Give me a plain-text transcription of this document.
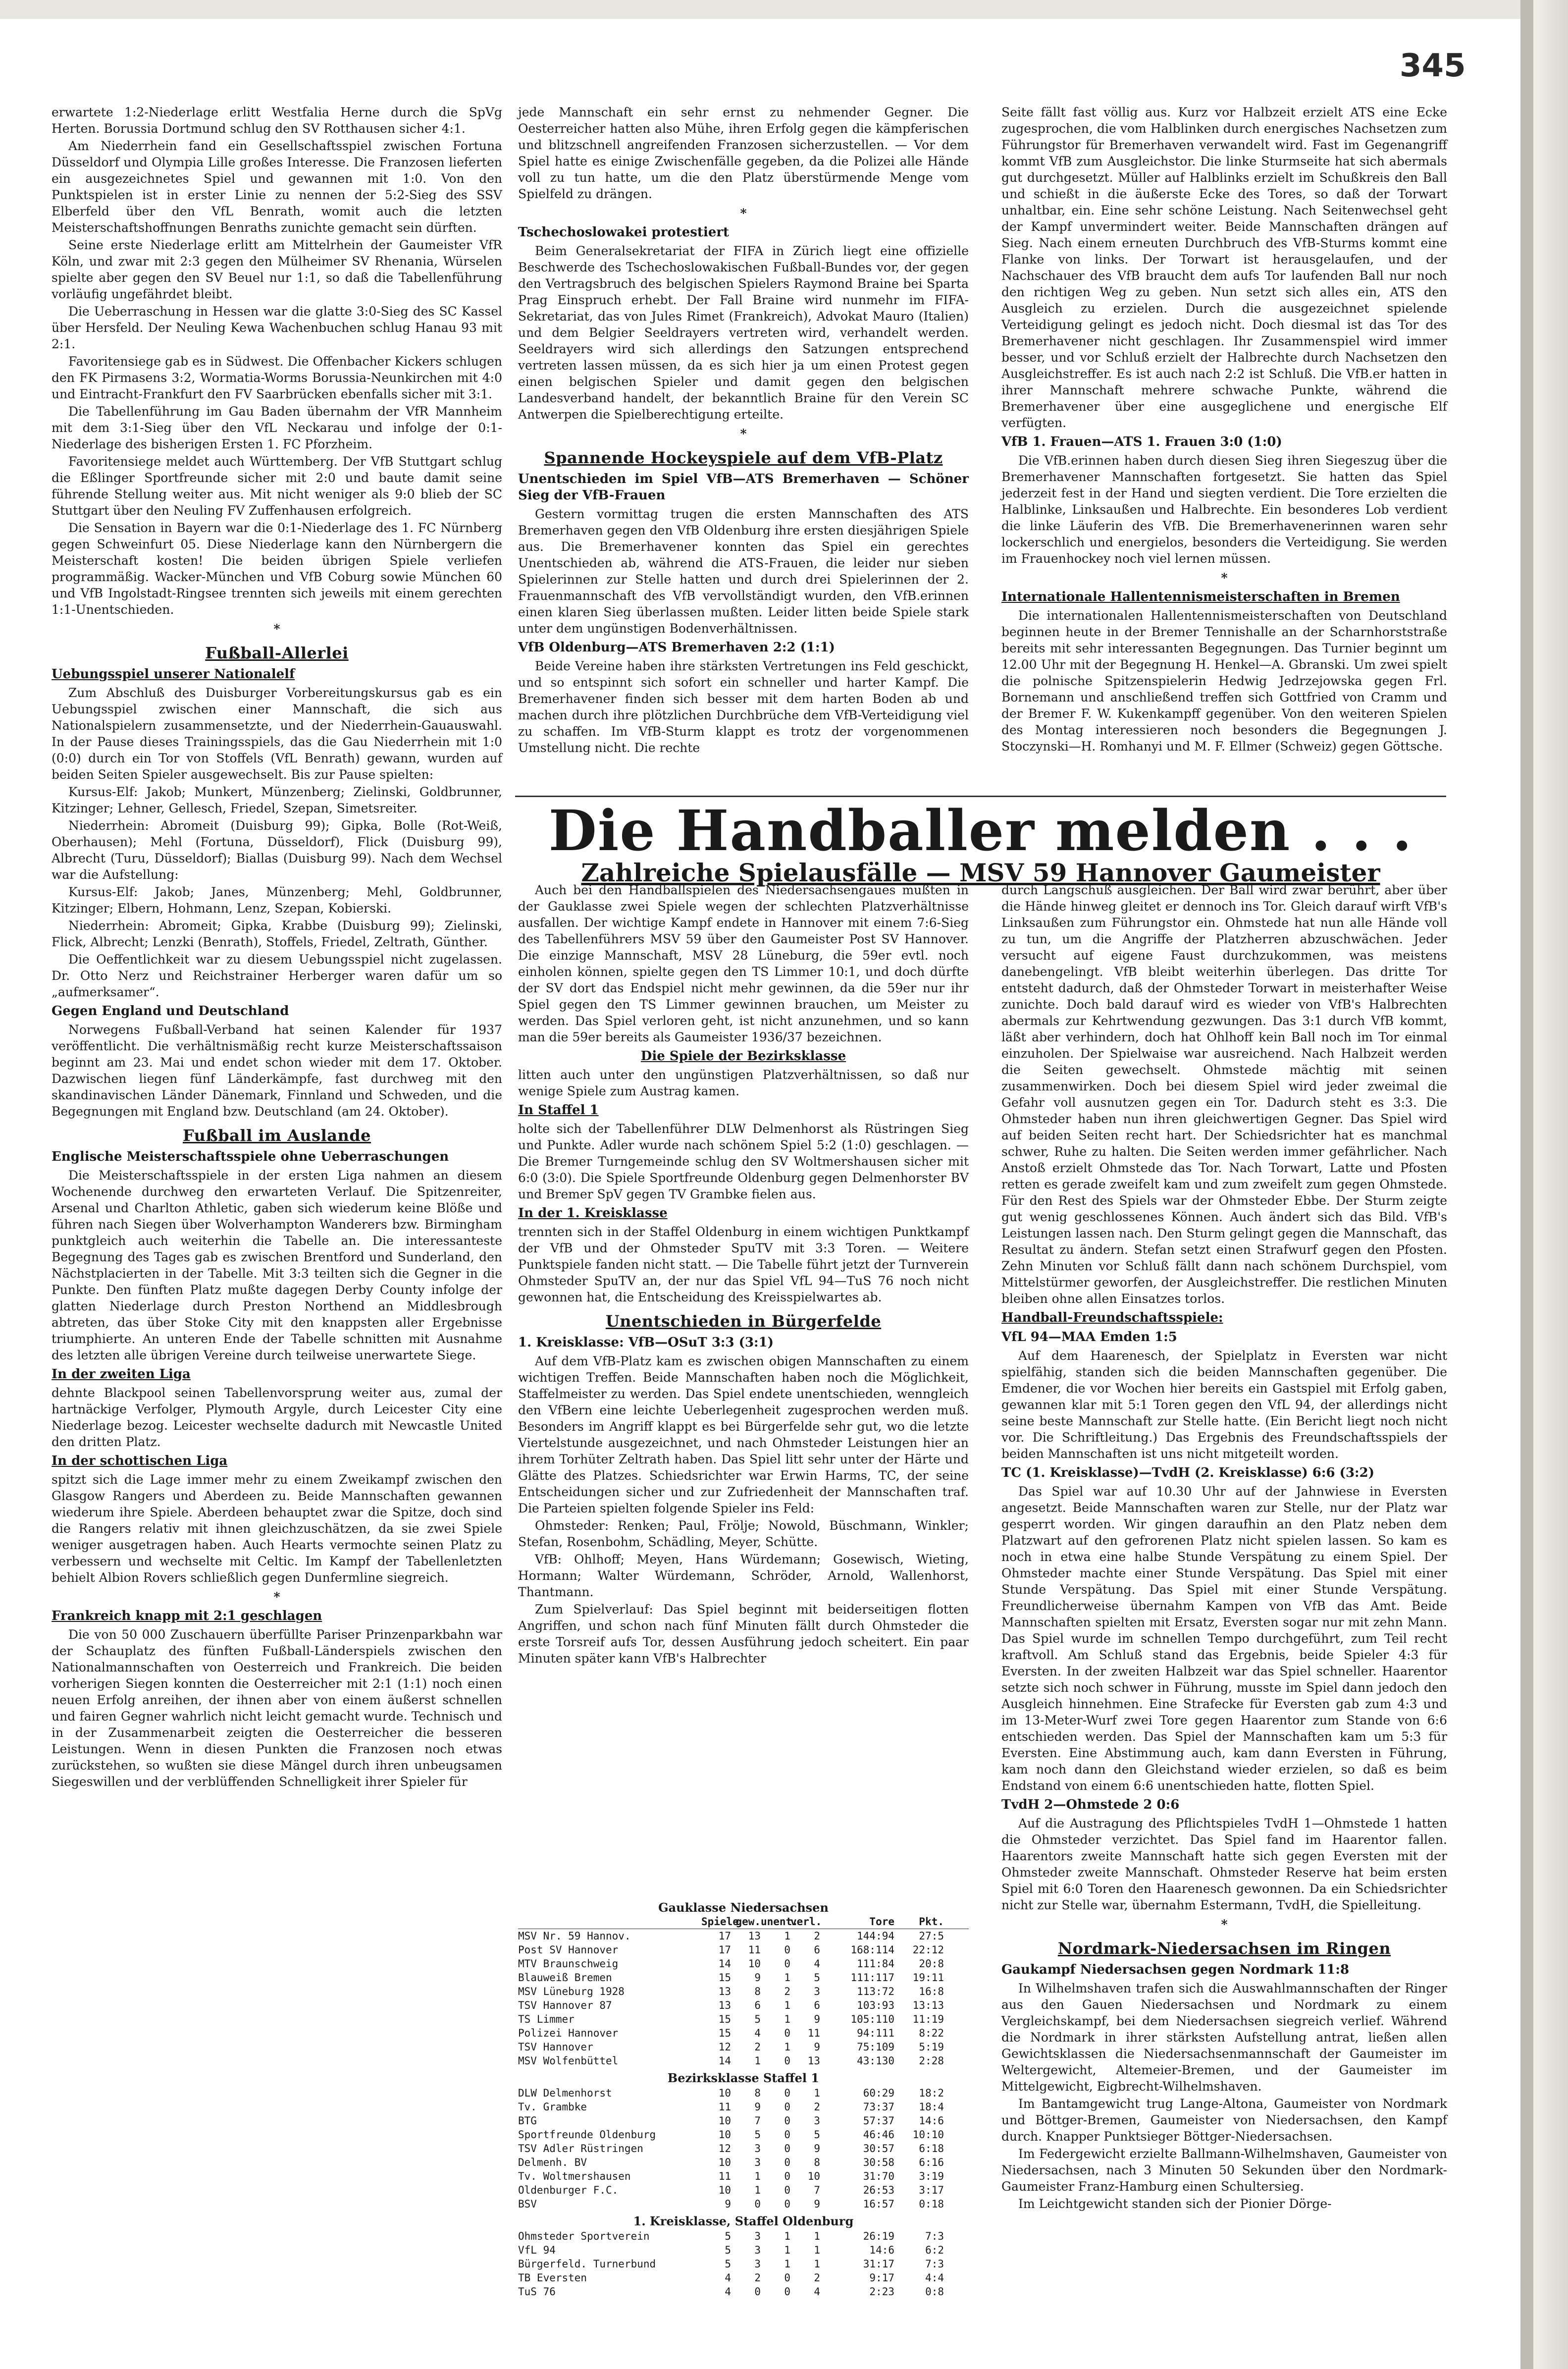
345

erwartete 1:2-Niederlage erlitt Westfalia Herne durch die SpVg Herten. Borussia Dortmund schlug den SV Rotthausen sicher 4:1.

Am Niederrhein fand ein Gesellschaftsspiel zwischen Fortuna Düsseldorf und Olympia Lille großes Interesse. Die Franzosen lieferten ein ausgezeichnetes Spiel und gewannen mit 1:0. Von den Punktspielen ist in erster Linie zu nennen der 5:2-Sieg des SSV Elberfeld über den VfL Benrath, womit auch die letzten Meisterschaftshoffnungen Benraths zunichte gemacht sein dürften.

Seine erste Niederlage erlitt am Mittelrhein der Gaumeister VfR Köln, und zwar mit 2:3 gegen den Mülheimer SV Rhenania, Würselen spielte aber gegen den SV Beuel nur 1:1, so daß die Tabellenführung vorläufig ungefährdet bleibt.

Die Ueberraschung in Hessen war die glatte 3:0-Sieg des SC Kassel über Hersfeld. Der Neuling Kewa Wachenbuchen schlug Hanau 93 mit 2:1.

Favoritensiege gab es in Südwest. Die Offenbacher Kickers schlugen den FK Pirmasens 3:2, Wormatia-Worms Borussia-Neunkirchen mit 4:0 und Eintracht-Frankfurt den FV Saarbrücken ebenfalls sicher mit 3:1.

Die Tabellenführung im Gau Baden übernahm der VfR Mannheim mit dem 3:1-Sieg über den VfL Neckarau und infolge der 0:1-Niederlage des bisherigen Ersten 1. FC Pforzheim.

Favoritensiege meldet auch Württemberg. Der VfB Stuttgart schlug die Eßlinger Sportfreunde sicher mit 2:0 und baute damit seine führende Stellung weiter aus. Mit nicht weniger als 9:0 blieb der SC Stuttgart über den Neuling FV Zuffenhausen erfolgreich.

Die Sensation in Bayern war die 0:1-Niederlage des 1. FC Nürnberg gegen Schweinfurt 05. Diese Niederlage kann den Nürnbergern die Meisterschaft kosten! Die beiden übrigen Spiele verliefen programmäßig. Wacker-München und VfB Coburg sowie München 60 und VfB Ingolstadt-Ringsee trennten sich jeweils mit einem gerechten 1:1-Unentschieden.

*
Fußball-Allerlei
Uebungsspiel unserer Nationalelf

Zum Abschluß des Duisburger Vorbereitungskursus gab es ein Uebungsspiel zwischen einer Mannschaft, die sich aus Nationalspielern zusammensetzte, und der Niederrhein-Gauauswahl. In der Pause dieses Trainingsspiels, das die Gau Niederrhein mit 1:0 (0:0) durch ein Tor von Stoffels (VfL Benrath) gewann, wurden auf beiden Seiten Spieler ausgewechselt. Bis zur Pause spielten:

Kursus-Elf: Jakob; Munkert, Münzenberg; Zielinski, Goldbrunner, Kitzinger; Lehner, Gellesch, Friedel, Szepan, Simetsreiter.

Niederrhein: Abromeit (Duisburg 99); Gipka, Bolle (Rot-Weiß, Oberhausen); Mehl (Fortuna, Düsseldorf), Flick (Duisburg 99), Albrecht (Turu, Düsseldorf); Biallas (Duisburg 99). Nach dem Wechsel war die Aufstellung:

Kursus-Elf: Jakob; Janes, Münzenberg; Mehl, Goldbrunner, Kitzinger; Elbern, Hohmann, Lenz, Szepan, Kobierski.

Niederrhein: Abromeit; Gipka, Krabbe (Duisburg 99); Zielinski, Flick, Albrecht; Lenzki (Benrath), Stoffels, Friedel, Zeltrath, Günther.

Die Oeffentlichkeit war zu diesem Uebungsspiel nicht zugelassen. Dr. Otto Nerz und Reichstrainer Herberger waren dafür um so „aufmerksamer“.

Gegen England und Deutschland

Norwegens Fußball-Verband hat seinen Kalender für 1937 veröffentlicht. Die verhältnismäßig recht kurze Meisterschaftssaison beginnt am 23. Mai und endet schon wieder mit dem 17. Oktober. Dazwischen liegen fünf Länderkämpfe, fast durchweg mit den skandinavischen Länder Dänemark, Finnland und Schweden, und die Begegnungen mit England bzw. Deutschland (am 24. Oktober).

Fußball im Auslande
Englische Meisterschaftsspiele ohne Ueberraschungen

Die Meisterschaftsspiele in der ersten Liga nahmen an diesem Wochenende durchweg den erwarteten Verlauf. Die Spitzenreiter, Arsenal und Charlton Athletic, gaben sich wiederum keine Blöße und führen nach Siegen über Wolverhampton Wanderers bzw. Birmingham punktgleich auch weiterhin die Tabelle an. Die interessanteste Begegnung des Tages gab es zwischen Brentford und Sunderland, den Nächstplacierten in der Tabelle. Mit 3:3 teilten sich die Gegner in die Punkte. Den fünften Platz mußte dagegen Derby County infolge der glatten Niederlage durch Preston Northend an Middlesbrough abtreten, das über Stoke City mit den knappsten aller Ergebnisse triumphierte. An unteren Ende der Tabelle schnitten mit Ausnahme des letzten alle übrigen Vereine durch teilweise unerwartete Siege.

In der zweiten Liga

dehnte Blackpool seinen Tabellenvorsprung weiter aus, zumal der hartnäckige Verfolger, Plymouth Argyle, durch Leicester City eine Niederlage bezog. Leicester wechselte dadurch mit Newcastle United den dritten Platz.

In der schottischen Liga

spitzt sich die Lage immer mehr zu einem Zweikampf zwischen den Glasgow Rangers und Aberdeen zu. Beide Mannschaften gewannen wiederum ihre Spiele. Aberdeen behauptet zwar die Spitze, doch sind die Rangers relativ mit ihnen gleichzuschätzen, da sie zwei Spiele weniger ausgetragen haben. Auch Hearts vermochte seinen Platz zu verbessern und wechselte mit Celtic. Im Kampf der Tabellenletzten behielt Albion Rovers schließlich gegen Dunfermline siegreich.

*
Frankreich knapp mit 2:1 geschlagen

Die von 50 000 Zuschauern überfüllte Pariser Prinzenparkbahn war der Schauplatz des fünften Fußball-Länderspiels zwischen den Nationalmannschaften von Oesterreich und Frankreich. Die beiden vorherigen Siegen konnten die Oesterreicher mit 2:1 (1:1) noch einen neuen Erfolg anreihen, der ihnen aber von einem äußerst schnellen und fairen Gegner wahrlich nicht leicht gemacht wurde. Technisch und in der Zusammenarbeit zeigten die Oesterreicher die besseren Leistungen. Wenn in diesen Punkten die Franzosen noch etwas zurückstehen, so wußten sie diese Mängel durch ihren unbeugsamen Siegeswillen und der verblüffenden Schnelligkeit ihrer Spieler für

jede Mannschaft ein sehr ernst zu nehmender Gegner. Die Oesterreicher hatten also Mühe, ihren Erfolg gegen die kämpferischen und blitzschnell angreifenden Franzosen sicherzustellen. — Vor dem Spiel hatte es einige Zwischenfälle gegeben, da die Polizei alle Hände voll zu tun hatte, um die den Platz überstürmende Menge vom Spielfeld zu drängen.

*
Tschechoslowakei protestiert

Beim Generalsekretariat der FIFA in Zürich liegt eine offizielle Beschwerde des Tschechoslowakischen Fußball-Bundes vor, der gegen den Vertragsbruch des belgischen Spielers Raymond Braine bei Sparta Prag Einspruch erhebt. Der Fall Braine wird nunmehr im FIFA-Sekretariat, das von Jules Rimet (Frankreich), Advokat Mauro (Italien) und dem Belgier Seeldrayers vertreten wird, verhandelt werden. Seeldrayers wird sich allerdings den Satzungen entsprechend vertreten lassen müssen, da es sich hier ja um einen Protest gegen einen belgischen Spieler und damit gegen den belgischen Landesverband handelt, der bekanntlich Braine für den Verein SC Antwerpen die Spielberechtigung erteilte.

*
Spannende Hockeyspiele auf dem VfB-Platz
Unentschieden im Spiel VfB—ATS Bremerhaven — Schöner Sieg der VfB-Frauen

Gestern vormittag trugen die ersten Mannschaften des ATS Bremerhaven gegen den VfB Oldenburg ihre ersten diesjährigen Spiele aus. Die Bremerhavener konnten das Spiel ein gerechtes Unentschieden ab, während die ATS-Frauen, die leider nur sieben Spielerinnen zur Stelle hatten und durch drei Spielerinnen der 2. Frauenmannschaft des VfB vervollständigt wurden, den VfB.erinnen einen klaren Sieg überlassen mußten. Leider litten beide Spiele stark unter dem ungünstigen Bodenverhältnissen.

VfB Oldenburg—ATS Bremerhaven 2:2 (1:1)

Beide Vereine haben ihre stärksten Vertretungen ins Feld geschickt, und so entspinnt sich sofort ein schneller und harter Kampf. Die Bremerhavener finden sich besser mit dem harten Boden ab und machen durch ihre plötzlichen Durchbrüche dem VfB-Verteidigung viel zu schaffen. Im VfB-Sturm klappt es trotz der vorgenommenen Umstellung nicht. Die rechte

Seite fällt fast völlig aus. Kurz vor Halbzeit erzielt ATS eine Ecke zugesprochen, die vom Halblinken durch energisches Nachsetzen zum Führungstor für Bremerhaven verwandelt wird. Fast im Gegenangriff kommt VfB zum Ausgleichstor. Die linke Sturmseite hat sich abermals gut durchgesetzt. Müller auf Halblinks erzielt im Schußkreis den Ball und schießt in die äußerste Ecke des Tores, so daß der Torwart unhaltbar, ein. Eine sehr schöne Leistung. Nach Seitenwechsel geht der Kampf unvermindert weiter. Beide Mannschaften drängen auf Sieg. Nach einem erneuten Durchbruch des VfB-Sturms kommt eine Flanke von links. Der Torwart ist herausgelaufen, und der Nachschauer des VfB braucht dem aufs Tor laufenden Ball nur noch den richtigen Weg zu geben. Nun setzt sich alles ein, ATS den Ausgleich zu erzielen. Durch die ausgezeichnet spielende Verteidigung gelingt es jedoch nicht. Doch diesmal ist das Tor des Bremerhavener nicht geschlagen. Ihr Zusammenspiel wird immer besser, und vor Schluß erzielt der Halbrechte durch Nachsetzen den Ausgleichstreffer. Es ist auch nach 2:2 ist Schluß. Die VfB.er hatten in ihrer Mannschaft mehrere schwache Punkte, während die Bremerhavener über eine ausgeglichene und energische Elf verfügten.

VfB 1. Frauen—ATS 1. Frauen 3:0 (1:0)

Die VfB.erinnen haben durch diesen Sieg ihren Siegeszug über die Bremerhavener Mannschaften fortgesetzt. Sie hatten das Spiel jederzeit fest in der Hand und siegten verdient. Die Tore erzielten die Halblinke, Linksaußen und Halbrechte. Ein besonderes Lob verdient die linke Läuferin des VfB. Die Bremerhavenerinnen waren sehr lockerschlich und energielos, besonders die Verteidigung. Sie werden im Frauenhockey noch viel lernen müssen.

*
Internationale Hallentennismeisterschaften in Bremen

Die internationalen Hallentennismeisterschaften von Deutschland beginnen heute in der Bremer Tennishalle an der Scharnhorststraße bereits mit sehr interessanten Begegnungen. Das Turnier beginnt um 12.00 Uhr mit der Begegnung H. Henkel—A. Gbranski. Um zwei spielt die polnische Spitzenspielerin Hedwig Jedrzejowska gegen Frl. Bornemann und anschließend treffen sich Gottfried von Cramm und der Bremer F. W. Kukenkampff gegenüber. Von den weiteren Spielen des Montag interessieren noch besonders die Begegnungen J. Stoczynski—H. Romhanyi und M. F. Ellmer (Schweiz) gegen Göttsche.

Die Handballer melden . . .
Zahlreiche Spielausfälle — MSV 59 Hannover Gaumeister

Auch bei den Handballspielen des Niedersachsengaues mußten in der Gauklasse zwei Spiele wegen der schlechten Platzverhältnisse ausfallen. Der wichtige Kampf endete in Hannover mit einem 7:6-Sieg des Tabellenführers MSV 59 über den Gaumeister Post SV Hannover. Die einzige Mannschaft, MSV 28 Lüneburg, die 59er evtl. noch einholen können, spielte gegen den TS Limmer 10:1, und doch dürfte der SV dort das Endspiel nicht mehr gewinnen, da die 59er nur ihr Spiel gegen den TS Limmer gewinnen brauchen, um Meister zu werden. Das Spiel verloren geht, ist nicht anzunehmen, und so kann man die 59er bereits als Gaumeister 1936/37 bezeichnen.

Die Spiele der Bezirksklasse

litten auch unter den ungünstigen Platzverhältnissen, so daß nur wenige Spiele zum Austrag kamen.

In Staffel 1

holte sich der Tabellenführer DLW Delmenhorst als Rüstringen Sieg und Punkte. Adler wurde nach schönem Spiel 5:2 (1:0) geschlagen. — Die Bremer Turngemeinde schlug den SV Woltmershausen sicher mit 6:0 (3:0). Die Spiele Sportfreunde Oldenburg gegen Delmenhorster BV und Bremer SpV gegen TV Grambke fielen aus.

In der 1. Kreisklasse

trennten sich in der Staffel Oldenburg in einem wichtigen Punktkampf der VfB und der Ohmsteder SpuTV mit 3:3 Toren. — Weitere Punktspiele fanden nicht statt. — Die Tabelle führt jetzt der Turnverein Ohmsteder SpuTV an, der nur das Spiel VfL 94—TuS 76 noch nicht gewonnen hat, die Entscheidung des Kreisspielwartes ab.

Unentschieden in Bürgerfelde
1. Kreisklasse: VfB—OSuT 3:3 (3:1)

Auf dem VfB-Platz kam es zwischen obigen Mannschaften zu einem wichtigen Treffen. Beide Mannschaften haben noch die Möglichkeit, Staffelmeister zu werden. Das Spiel endete unentschieden, wenngleich den VfBern eine leichte Ueberlegenheit zugesprochen werden muß. Besonders im Angriff klappt es bei Bürgerfelde sehr gut, wo die letzte Viertelstunde ausgezeichnet, und nach Ohmsteder Leistungen hier an ihrem Torhüter Zeltrath haben. Das Spiel litt sehr unter der Härte und Glätte des Platzes. Schiedsrichter war Erwin Harms, TC, der seine Entscheidungen sicher und zur Zufriedenheit der Mannschaften traf. Die Parteien spielten folgende Spieler ins Feld:

Ohmsteder: Renken; Paul, Frölje; Nowold, Büschmann, Winkler; Stefan, Rosenbohm, Schädling, Meyer, Schütte.

VfB: Ohlhoff; Meyen, Hans Würdemann; Gosewisch, Wieting, Hormann; Walter Würdemann, Schröder, Arnold, Wallenhorst, Thantmann.

Zum Spielverlauf: Das Spiel beginnt mit beiderseitigen flotten Angriffen, und schon nach fünf Minuten fällt durch Ohmsteder die erste Torsreif aufs Tor, dessen Ausführung jedoch scheitert. Ein paar Minuten später kann VfB's Halbrechter

Gauklasse Niedersachsen
Spiele
gew. unent.
verl.	Tore	Pkt.
MSV Nr. 59 Hannov.	17	13	1	2	144:94	27:5
Post SV Hannover	17	11	0	6	168:114	22:12
MTV Braunschweig	14	10	0	4	111:84	20:8
Blauweiß Bremen	15	9	1	5	111:117	19:11
MSV Lüneburg 1928	13	8	2	3	113:72	16:8
TSV Hannover 87	13	6	1	6	103:93	13:13
TS Limmer	15	5	1	9	105:110	11:19
Polizei Hannover	15	4	0	11	94:111	8:22
TSV Hannover	12	2	1	9	75:109	5:19
MSV Wolfenbüttel	14	1	0	13	43:130	2:28
Bezirksklasse Staffel 1
DLW Delmenhorst	10	8	0	1	60:29	18:2
Tv. Grambke	11	9	0	2	73:37	18:4
BTG	10	7	0	3	57:37	14:6
Sportfreunde Oldenburg	10	5	0	5	46:46	10:10
TSV Adler Rüstringen	12	3	0	9	30:57	6:18
Delmenh. BV	10	3	0	8	30:58	6:16
Tv. Woltmershausen	11	1	0	10	31:70	3:19
Oldenburger F.C.	10	1	0	7	26:53	3:17
BSV	9	0	0	9	16:57	0:18
1. Kreisklasse, Staffel Oldenburg
Ohmsteder Sportverein	5	3	1	1	26:19	7:3
VfL 94	5	3	1	1	14:6	6:2
Bürgerfeld. Turnerbund	5	3	1	1	31:17	7:3
TB Eversten	4	2	0	2	9:17	4:4
TuS 76	4	0	0	4	2:23	0:8

durch Langschuß ausgleichen. Der Ball wird zwar berührt, aber über die Hände hinweg gleitet er dennoch ins Tor. Gleich darauf wirft VfB's Linksaußen zum Führungstor ein. Ohmstede hat nun alle Hände voll zu tun, um die Angriffe der Platzherren abzuschwächen. Jeder versucht auf eigene Faust durchzukommen, was meistens danebengelingt. VfB bleibt weiterhin überlegen. Das dritte Tor entsteht dadurch, daß der Ohmsteder Torwart in meisterhafter Weise zunichte. Doch bald darauf wird es wieder von VfB's Halbrechten abermals zur Kehrtwendung gezwungen. Das 3:1 durch VfB kommt, läßt aber verhindern, doch hat Ohlhoff kein Ball noch im Tor einmal einzuholen. Der Spielwaise war ausreichend. Nach Halbzeit werden die Seiten gewechselt. Ohmstede mächtig mit seinen zusammenwirken. Doch bei diesem Spiel wird jeder zweimal die Gefahr voll ausnutzen gegen ein Tor. Dadurch steht es 3:3. Die Ohmsteder haben nun ihren gleichwertigen Gegner. Das Spiel wird auf beiden Seiten recht hart. Der Schiedsrichter hat es manchmal schwer, Ruhe zu halten. Die Seiten werden immer gefährlicher. Nach Anstoß erzielt Ohmstede das Tor. Nach Torwart, Latte und Pfosten retten es gerade zweifelt kam und zum zweifelt zum gegen Ohmstede. Für den Rest des Spiels war der Ohmsteder Ebbe. Der Sturm zeigte gut wenig geschlossenes Können. Auch ändert sich das Bild. VfB's Leistungen lassen nach. Den Sturm gelingt gegen die Mannschaft, das Resultat zu ändern. Stefan setzt einen Strafwurf gegen den Pfosten. Zehn Minuten vor Schluß fällt dann nach schönem Durchspiel, vom Mittelstürmer geworfen, der Ausgleichstreffer. Die restlichen Minuten bleiben ohne allen Einsatzes torlos.

Handball-Freundschaftsspiele:
VfL 94—MAA Emden 1:5

Auf dem Haarenesch, der Spielplatz in Eversten war nicht spielfähig, standen sich die beiden Mannschaften gegenüber. Die Emdener, die vor Wochen hier bereits ein Gastspiel mit Erfolg gaben, gewannen klar mit 5:1 Toren gegen den VfL 94, der allerdings nicht seine beste Mannschaft zur Stelle hatte. (Ein Bericht liegt noch nicht vor. Die Schriftleitung.) Das Ergebnis des Freundschaftsspiels der beiden Mannschaften ist uns nicht mitgeteilt worden.

TC (1. Kreisklasse)—TvdH (2. Kreisklasse) 6:6 (3:2)

Das Spiel war auf 10.30 Uhr auf der Jahnwiese in Eversten angesetzt. Beide Mannschaften waren zur Stelle, nur der Platz war gesperrt worden. Wir gingen daraufhin an den Platz neben dem Platzwart auf den gefrorenen Platz nicht spielen lassen. So kam es noch in etwa eine halbe Stunde Verspätung zu einem Spiel. Der Ohmsteder machte einer Stunde Verspätung. Das Spiel mit einer Stunde Verspätung. Das Spiel mit einer Stunde Verspätung. Freundlicherweise übernahm Kampen von VfB das Amt. Beide Mannschaften spielten mit Ersatz, Eversten sogar nur mit zehn Mann. Das Spiel wurde im schnellen Tempo durchgeführt, zum Teil recht kraftvoll. Am Schluß stand das Ergebnis, beide Spieler 4:3 für Eversten. In der zweiten Halbzeit war das Spiel schneller. Haarentor setzte sich noch schwer in Führung, musste im Spiel dann jedoch den Ausgleich hinnehmen. Eine Strafecke für Eversten gab zum 4:3 und im 13-Meter-Wurf zwei Tore gegen Haarentor zum Stande von 6:6 entschieden werden. Das Spiel der Mannschaften kam um 5:3 für Eversten. Eine Abstimmung auch, kam dann Eversten in Führung, kam noch dann den Gleichstand wieder erzielen, so daß es beim Endstand von einem 6:6 unentschieden hatte, flotten Spiel.

TvdH 2—Ohmstede 2 0:6

Auf die Austragung des Pflichtspieles TvdH 1—Ohmstede 1 hatten die Ohmsteder verzichtet. Das Spiel fand im Haarentor fallen. Haarentors zweite Mannschaft hatte sich gegen Eversten mit der Ohmsteder zweite Mannschaft. Ohmsteder Reserve hat beim ersten Spiel mit 6:0 Toren den Haarenesch gewonnen. Da ein Schiedsrichter nicht zur Stelle war, übernahm Estermann, TvdH, die Spielleitung.

*
Nordmark-Niedersachsen im Ringen
Gaukampf Niedersachsen gegen Nordmark 11:8

In Wilhelmshaven trafen sich die Auswahlmannschaften der Ringer aus den Gauen Niedersachsen und Nordmark zu einem Vergleichskampf, bei dem Niedersachsen siegreich verlief. Während die Nordmark in ihrer stärksten Aufstellung antrat, ließen allen Gewichtsklassen die Niedersachsenmannschaft der Gaumeister im Weltergewicht, Altemeier-Bremen, und der Gaumeister im Mittelgewicht, Eigbrecht-Wilhelmshaven.

Im Bantamgewicht trug Lange-Altona, Gaumeister von Nordmark und Böttger-Bremen, Gaumeister von Niedersachsen, den Kampf durch. Knapper Punktsieger Böttger-Niedersachsen.

Im Federgewicht erzielte Ballmann-Wilhelmshaven, Gaumeister von Niedersachsen, nach 3 Minuten 50 Sekunden über den Nordmark-Gaumeister Franz-Hamburg einen Schultersieg.

Im Leichtgewicht standen sich der Pionier Dörge-
